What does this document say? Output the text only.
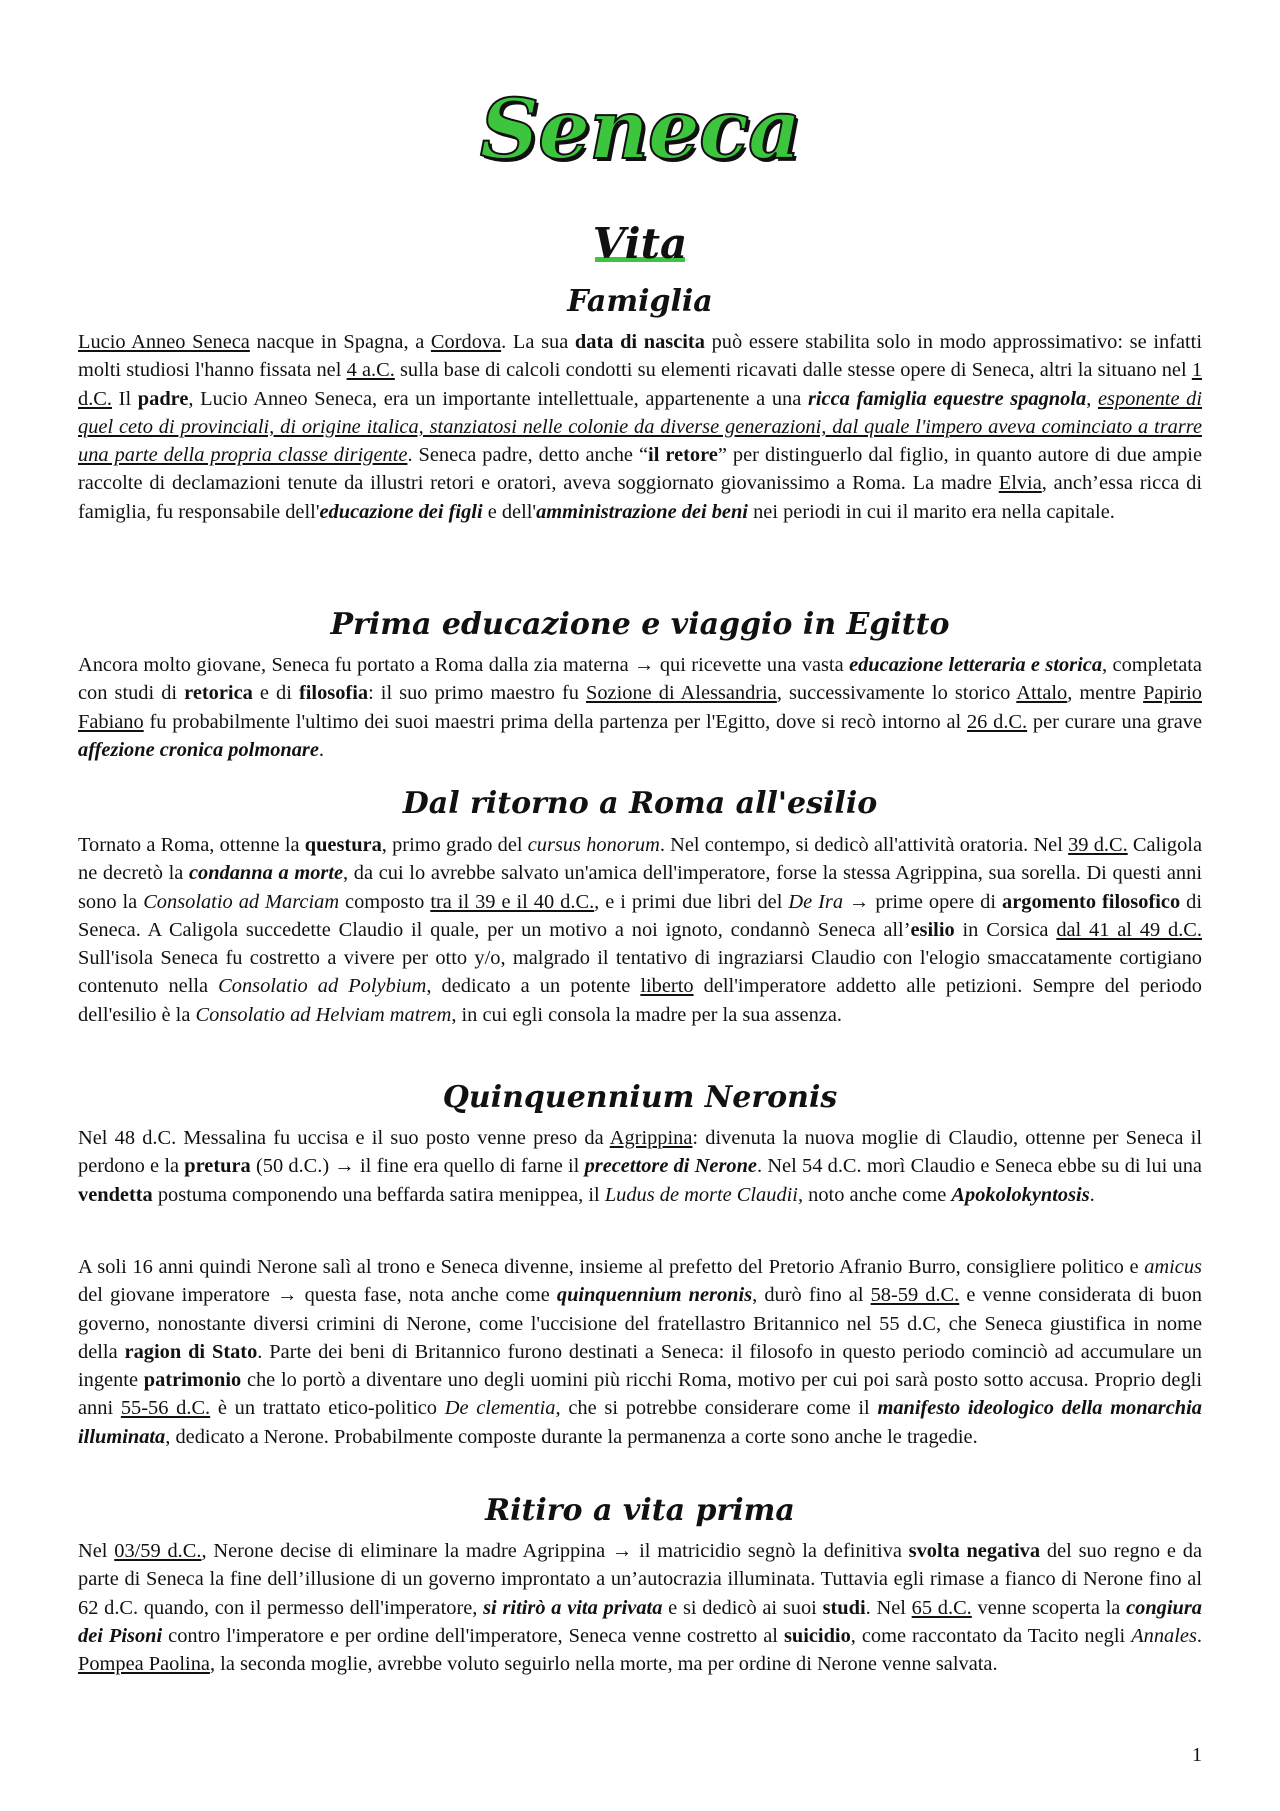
Seneca
Vita
Famiglia

Lucio Anneo Seneca nacque in Spagna, a Cordova. La sua data di nascita può essere stabilita solo in modo approssimativo: se infatti molti studiosi l'hanno fissata nel 4 a.C. sulla base di calcoli condotti su elementi ricavati dalle stesse opere di Seneca, altri la situano nel 1 d.C. Il padre, Lucio Anneo Seneca, era un importante intellettuale, appartenente a una ricca famiglia equestre spagnola, esponente di quel ceto di provinciali, di origine italica, stanziatosi nelle colonie da diverse generazioni, dal quale l'impero aveva cominciato a trarre una parte della propria classe dirigente. Seneca padre, detto anche “il retore” per distinguerlo dal figlio, in quanto autore di due ampie raccolte di declamazioni tenute da illustri retori e oratori, aveva soggiornato giovanissimo a Roma. La madre Elvia, anch’essa ricca di famiglia, fu responsabile dell'educazione dei figli e dell'amministrazione dei beni nei periodi in cui il marito era nella capitale.

Prima educazione e viaggio in Egitto

Ancora molto giovane, Seneca fu portato a Roma dalla zia materna → qui ricevette una vasta educazione letteraria e storica, completata con studi di retorica e di filosofia: il suo primo maestro fu Sozione di Alessandria, successivamente lo storico Attalo, mentre Papirio Fabiano fu probabilmente l'ultimo dei suoi maestri prima della partenza per l'Egitto, dove si recò intorno al 26 d.C. per curare una grave affezione cronica polmonare.

Dal ritorno a Roma all'esilio

Tornato a Roma, ottenne la questura, primo grado del cursus honorum. Nel contempo, si dedicò all'attività oratoria. Nel 39 d.C. Caligola ne decretò la condanna a morte, da cui lo avrebbe salvato un'amica dell'imperatore, forse la stessa Agrippina, sua sorella. Di questi anni sono la Consolatio ad Marciam composto tra il 39 e il 40 d.C., e i primi due libri del De Ira → prime opere di argomento filosofico di Seneca. A Caligola succedette Claudio il quale, per un motivo a noi ignoto, condannò Seneca all’esilio in Corsica dal 41 al 49 d.C. Sull'isola Seneca fu costretto a vivere per otto y/o, malgrado il tentativo di ingraziarsi Claudio con l'elogio smaccatamente cortigiano contenuto nella Consolatio ad Polybium, dedicato a un potente liberto dell'imperatore addetto alle petizioni. Sempre del periodo dell'esilio è la Consolatio ad Helviam matrem, in cui egli consola la madre per la sua assenza.

Quinquennium Neronis

Nel 48 d.C. Messalina fu uccisa e il suo posto venne preso da Agrippina: divenuta la nuova moglie di Claudio, ottenne per Seneca il perdono e la pretura (50 d.C.) → il fine era quello di farne il precettore di Nerone. Nel 54 d.C. morì Claudio e Seneca ebbe su di lui una vendetta postuma componendo una beffarda satira menippea, il Ludus de morte Claudii, noto anche come Apokolokyntosis.

A soli 16 anni quindi Nerone salì al trono e Seneca divenne, insieme al prefetto del Pretorio Afranio Burro, consigliere politico e amicus del giovane imperatore → questa fase, nota anche come quinquennium neronis, durò fino al 58-59 d.C. e venne considerata di buon governo, nonostante diversi crimini di Nerone, come l'uccisione del fratellastro Britannico nel 55 d.C, che Seneca giustifica in nome della ragion di Stato. Parte dei beni di Britannico furono destinati a Seneca: il filosofo in questo periodo cominciò ad accumulare un ingente patrimonio che lo portò a diventare uno degli uomini più ricchi Roma, motivo per cui poi sarà posto sotto accusa. Proprio degli anni 55-56 d.C. è un trattato etico-politico De clementia, che si potrebbe considerare come il manifesto ideologico della monarchia illuminata, dedicato a Nerone. Probabilmente composte durante la permanenza a corte sono anche le tragedie.

Ritiro a vita prima

Nel 03/59 d.C., Nerone decise di eliminare la madre Agrippina → il matricidio segnò la definitiva svolta negativa del suo regno e da parte di Seneca la fine dell’illusione di un governo improntato a un’autocrazia illuminata. Tuttavia egli rimase a fianco di Nerone fino al 62 d.C. quando, con il permesso dell'imperatore, si ritirò a vita privata e si dedicò ai suoi studi. Nel 65 d.C. venne scoperta la congiura dei Pisoni contro l'imperatore e per ordine dell'imperatore, Seneca venne costretto al suicidio, come raccontato da Tacito negli Annales. Pompea Paolina, la seconda moglie, avrebbe voluto seguirlo nella morte, ma per ordine di Nerone venne salvata.

1
